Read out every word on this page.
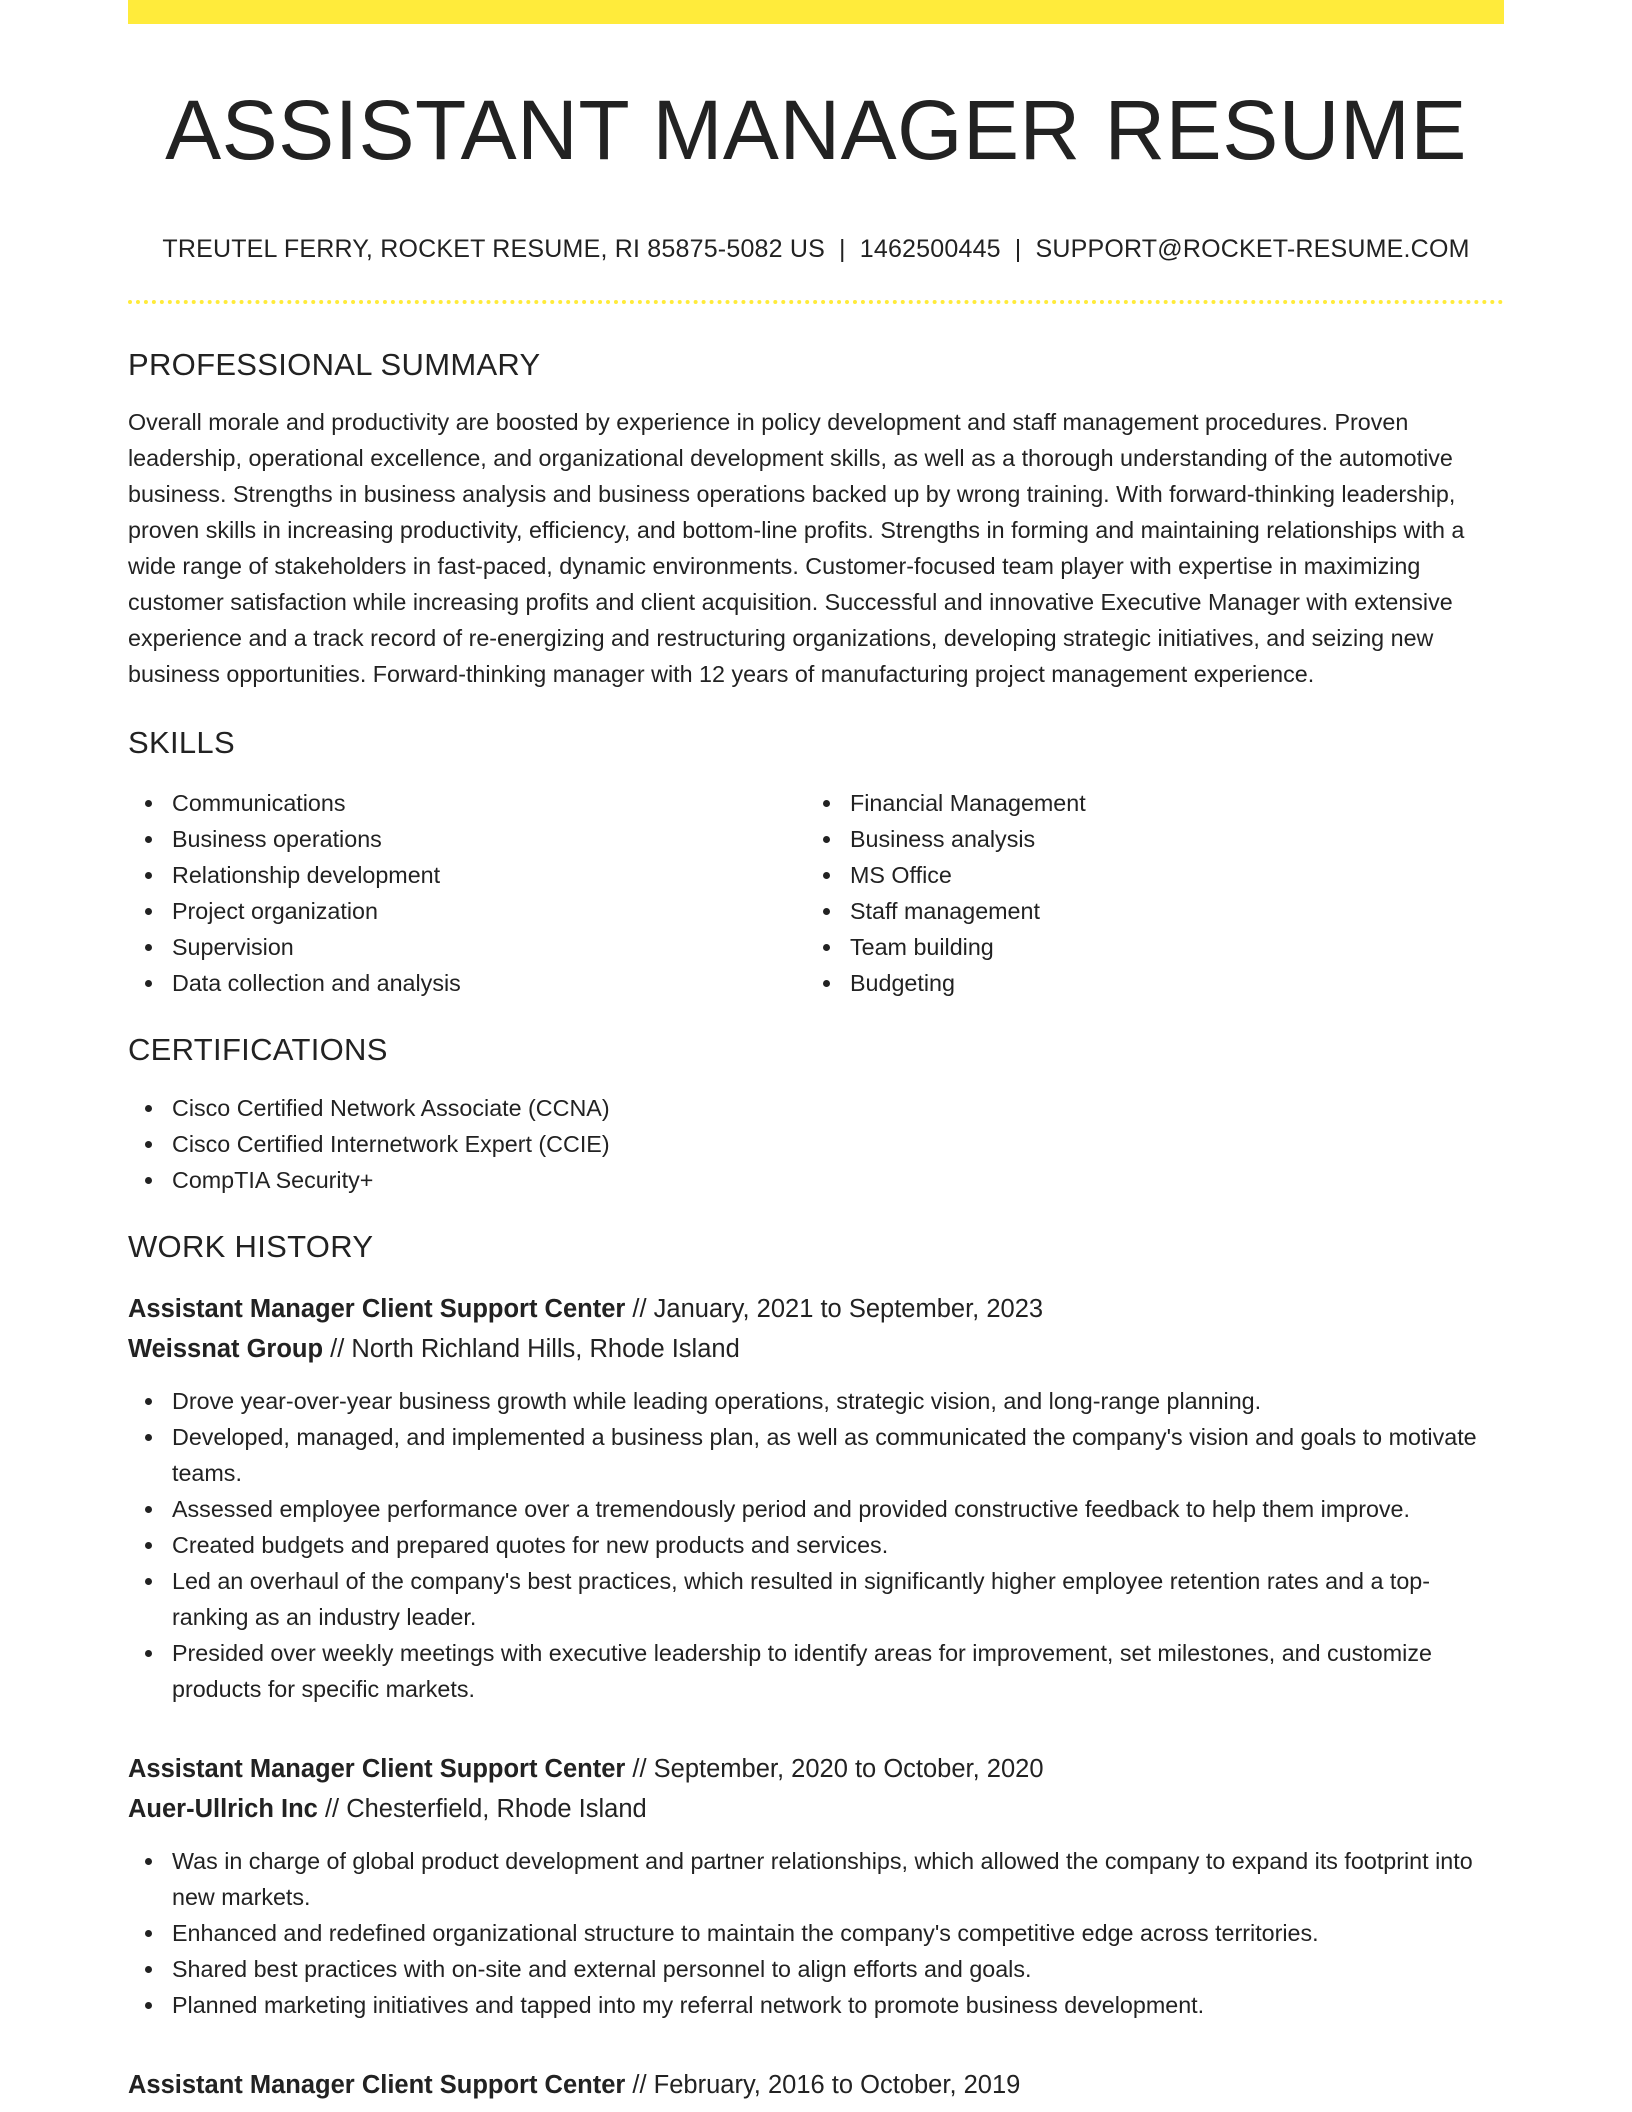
ASSISTANT MANAGER RESUME
TREUTEL FERRY, ROCKET RESUME, RI 85875-5082 US | 1462500445 | SUPPORT@ROCKET-RESUME.COM
PROFESSIONAL SUMMARY

Overall morale and productivity are boosted by experience in policy development and staff management procedures. Proven leadership, operational excellence, and organizational development skills, as well as a thorough understanding of the automotive business. Strengths in business analysis and business operations backed up by wrong training. With forward-thinking leadership, proven skills in increasing productivity, efficiency, and bottom-line profits. Strengths in forming and maintaining relationships with a wide range of stakeholders in fast-paced, dynamic environments. Customer-focused team player with expertise in maximizing customer satisfaction while increasing profits and client acquisition. Successful and innovative Executive Manager with extensive experience and a track record of re-energizing and restructuring organizations, developing strategic initiatives, and seizing new business opportunities. Forward-thinking manager with 12 years of manufacturing project management experience.

SKILLS
Communications
Business operations
Relationship development
Project organization
Supervision
Data collection and analysis
Financial Management
Business analysis
MS Office
Staff management
Team building
Budgeting
CERTIFICATIONS
Cisco Certified Network Associate (CCNA)
Cisco Certified Internetwork Expert (CCIE)
CompTIA Security+
WORK HISTORY
Assistant Manager Client Support Center // January, 2021 to September, 2023
Weissnat Group // North Richland Hills, Rhode Island
Drove year-over-year business growth while leading operations, strategic vision, and long-range planning.
Developed, managed, and implemented a business plan, as well as communicated the company's vision and goals to motivate teams.
Assessed employee performance over a tremendously period and provided constructive feedback to help them improve.
Created budgets and prepared quotes for new products and services.
Led an overhaul of the company's best practices, which resulted in significantly higher employee retention rates and a top-ranking as an industry leader.
Presided over weekly meetings with executive leadership to identify areas for improvement, set milestones, and customize products for specific markets.
Assistant Manager Client Support Center // September, 2020 to October, 2020
Auer-Ullrich Inc // Chesterfield, Rhode Island
Was in charge of global product development and partner relationships, which allowed the company to expand its footprint into new markets.
Enhanced and redefined organizational structure to maintain the company's competitive edge across territories.
Shared best practices with on-site and external personnel to align efforts and goals.
Planned marketing initiatives and tapped into my referral network to promote business development.
Assistant Manager Client Support Center // February, 2016 to October, 2019
